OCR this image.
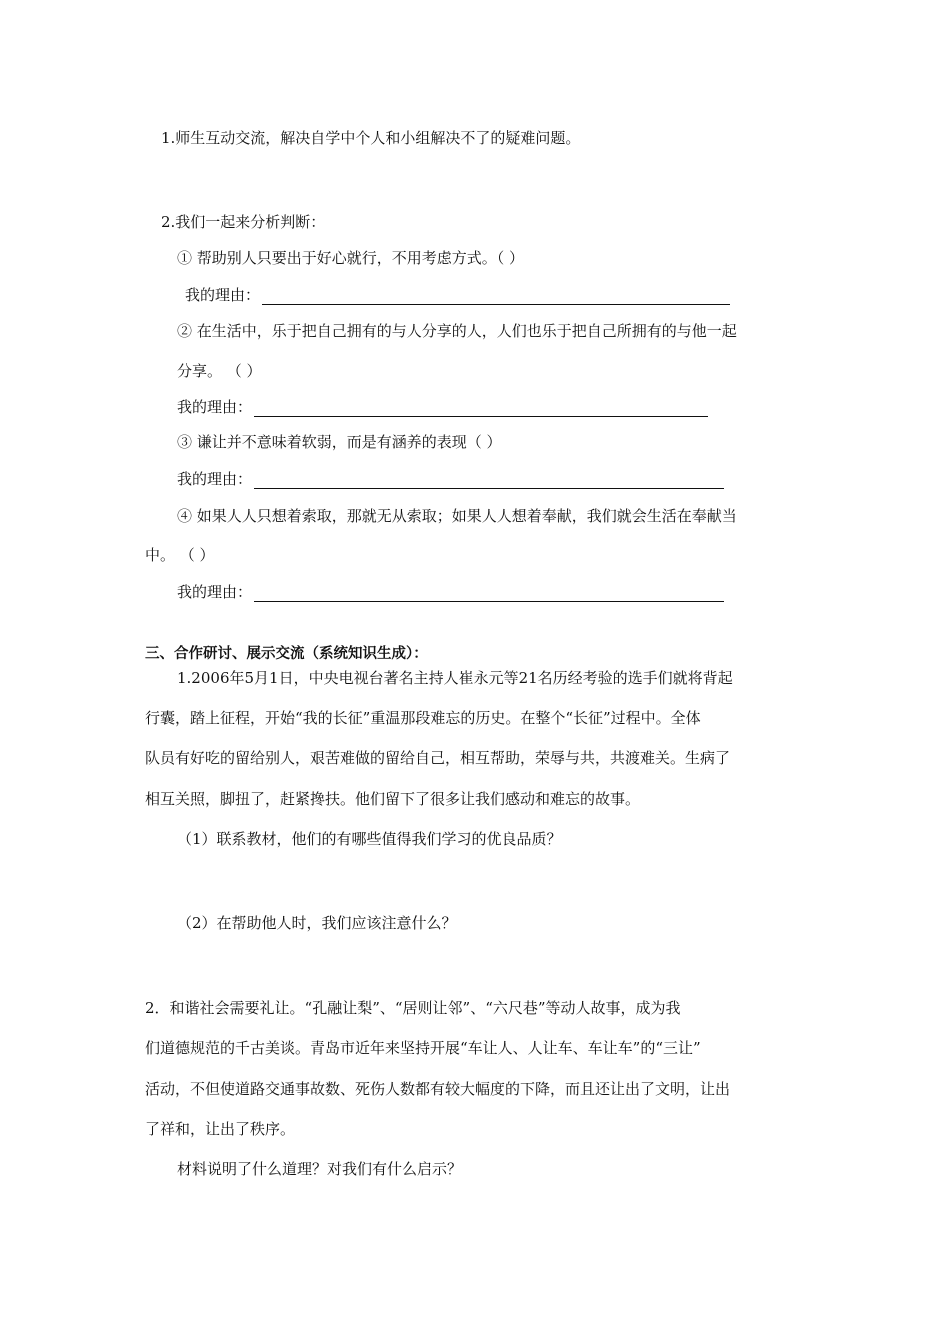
1.师生互动交流，解决自学中个人和小组解决不了的疑难问题。
2.我们一起来分析判断：
① 帮助别人只要出于好心就行，不用考虑方式。（ ）
我的理由：
② 在生活中，乐于把自己拥有的与人分享的人，人们也乐于把自己所拥有的与他一起
分享。 （ ）
我的理由：
③ 谦让并不意味着软弱，而是有涵养的表现（ ）
我的理由：
④ 如果人人只想着索取，那就无从索取；如果人人想着奉献，我们就会生活在奉献当
中。 （ ）
我的理由：
三、合作研讨、展示交流（系统知识生成）：
1.2006年5月1日，中央电视台著名主持人崔永元等21名历经考验的选手们就将背起
行囊，踏上征程，开始“我的长征”重温那段难忘的历史。在整个“长征”过程中。全体
队员有好吃的留给别人，艰苦难做的留给自己，相互帮助，荣辱与共，共渡难关。生病了
相互关照，脚扭了，赶紧搀扶。他们留下了很多让我们感动和难忘的故事。
（1）联系教材，他们的有哪些值得我们学习的优良品质？
（2）在帮助他人时，我们应该注意什么？
2．和谐社会需要礼让。“孔融让梨”、“居则让邻”、“六尺巷”等动人故事，成为我
们道德规范的千古美谈。青岛市近年来坚持开展“车让人、人让车、车让车”的“三让”
活动，不但使道路交通事故数、死伤人数都有较大幅度的下降，而且还让出了文明，让出
了祥和，让出了秩序。
材料说明了什么道理？对我们有什么启示？
